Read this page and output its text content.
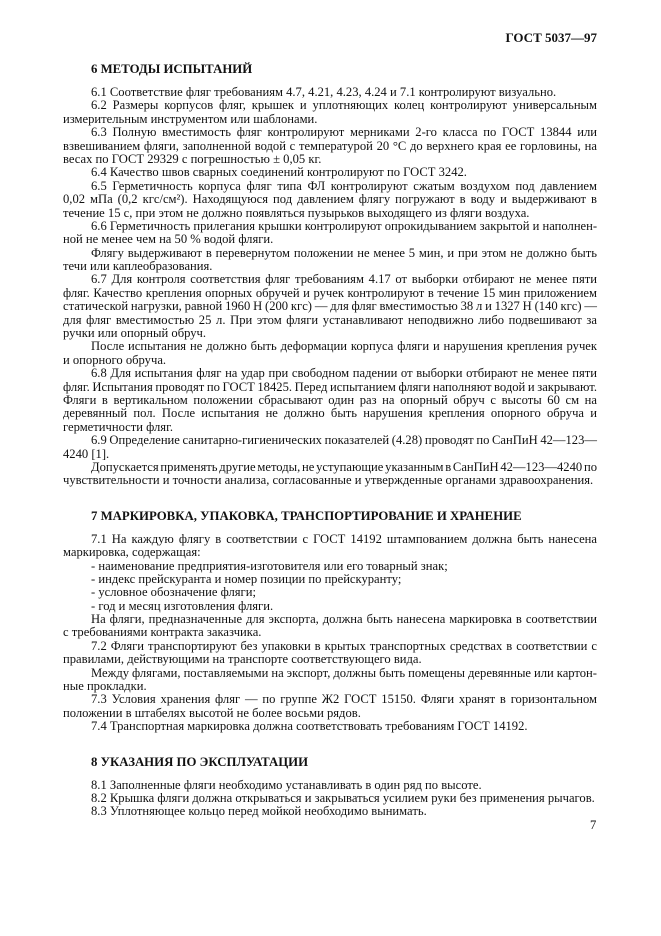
ГОСТ 5037—97
6 МЕТОДЫ ИСПЫТАНИЙ
6.1 Соответствие фляг требованиям 4.7, 4.21, 4.23, 4.24 и 7.1 контролируют визуально.
6.2 Размеры корпусов фляг, крышек и уплотняющих колец контролируют универсальным
измерительным инструментом или шаблонами.
6.3 Полную вместимость фляг контролируют мерниками 2-го класса по ГОСТ 13844 или
взвешиванием фляги, заполненной водой с температурой 20 °С до верхнего края ее горловины, на
весах по ГОСТ 29329 с погрешностью ± 0,05 кг.
6.4 Качество швов сварных соединений контролируют по ГОСТ 3242.
6.5 Герметичность корпуса фляг типа ФЛ контролируют сжатым воздухом под давлением
0,02 мПа (0,2 кгс/см²). Находящуюся под давлением флягу погружают в воду и выдерживают в
течение 15 с, при этом не должно появляться пузырьков выходящего из фляги воздуха.
6.6 Герметичность прилегания крышки контролируют опрокидыванием закрытой и наполнен-
ной не менее чем на 50 % водой фляги.
Флягу выдерживают в перевернутом положении не менее 5 мин, и при этом не должно быть
течи или каплеобразования.
6.7 Для контроля соответствия фляг требованиям 4.17 от выборки отбирают не менее пяти
фляг. Качество крепления опорных обручей и ручек контролируют в течение 15 мин приложением
статической нагрузки, равной 1960 Н (200 кгс) — для фляг вместимостью 38 л и 1327 Н (140 кгс) —
для фляг вместимостью 25 л. При этом фляги устанавливают неподвижно либо подвешивают за
ручки или опорный обруч.
После испытания не должно быть деформации корпуса фляги и нарушения крепления ручек
и опорного обруча.
6.8 Для испытания фляг на удар при свободном падении от выборки отбирают не менее пяти
фляг. Испытания проводят по ГОСТ 18425. Перед испытанием фляги наполняют водой и закрывают.
Фляги в вертикальном положении сбрасывают один раз на опорный обруч с высоты 60 см на
деревянный пол. После испытания не должно быть нарушения крепления опорного обруча и
герметичности фляг.
6.9 Определение санитарно-гигиенических показателей (4.28) проводят по СанПиН 42—123—
4240 [1].
Допускается применять другие методы, не уступающие указанным в СанПиН 42—123—4240 по
чувствительности и точности анализа, согласованные и утвержденные органами здравоохранения.
7 МАРКИРОВКА, УПАКОВКА, ТРАНСПОРТИРОВАНИЕ И ХРАНЕНИЕ
7.1 На каждую флягу в соответствии с ГОСТ 14192 штампованием должна быть нанесена
маркировка, содержащая:
- наименование предприятия-изготовителя или его товарный знак;
- индекс прейскуранта и номер позиции по прейскуранту;
- условное обозначение фляги;
- год и месяц изготовления фляги.
На фляги, предназначенные для экспорта, должна быть нанесена маркировка в соответствии
с требованиями контракта заказчика.
7.2 Фляги транспортируют без упаковки в крытых транспортных средствах в соответствии с
правилами, действующими на транспорте соответствующего вида.
Между флягами, поставляемыми на экспорт, должны быть помещены деревянные или картон-
ные прокладки.
7.3 Условия хранения фляг — по группе Ж2 ГОСТ 15150. Фляги хранят в горизонтальном
положении в штабелях высотой не более восьми рядов.
7.4 Транспортная маркировка должна соответствовать требованиям ГОСТ 14192.
8 УКАЗАНИЯ ПО ЭКСПЛУАТАЦИИ
8.1 Заполненные фляги необходимо устанавливать в один ряд по высоте.
8.2 Крышка фляги должна открываться и закрываться усилием руки без применения рычагов.
8.3 Уплотняющее кольцо перед мойкой необходимо вынимать.
7
